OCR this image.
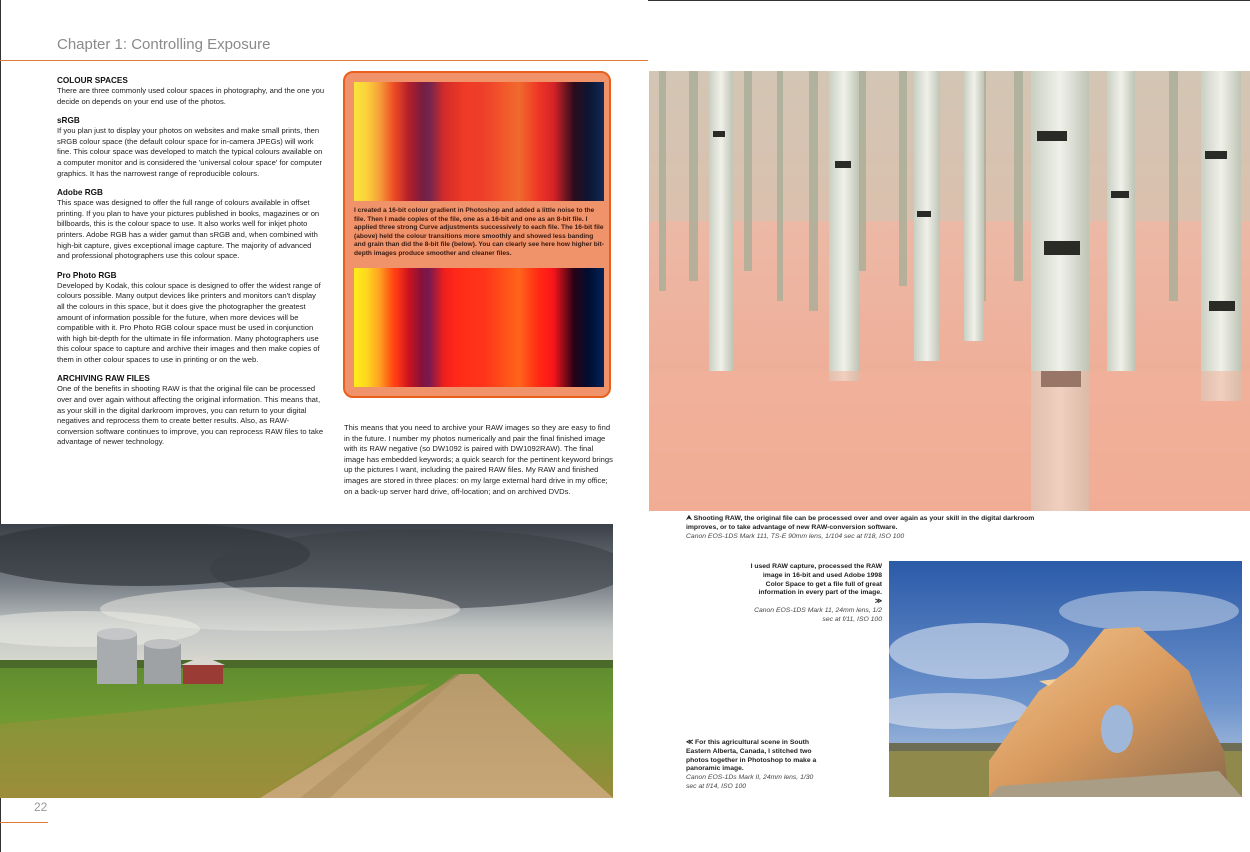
Chapter 1: Controlling Exposure
COLOUR SPACES

There are three commonly used colour spaces in photography, and the one you decide on depends on your end use of the photos.

sRGB

If you plan just to display your photos on websites and make small prints, then sRGB colour space (the default colour space for in-camera JPEGs) will work fine. This colour space was developed to match the typical colours available on a computer monitor and is considered the 'universal colour space' for computer graphics. It has the narrowest range of reproducible colours.

Adobe RGB

This space was designed to offer the full range of colours available in offset printing. If you plan to have your pictures published in books, magazines or on billboards, this is the colour space to use. It also works well for inkjet photo printers. Adobe RGB has a wider gamut than sRGB and, when combined with high-bit capture, gives exceptional image capture. The majority of advanced and professional photographers use this colour space.

Pro Photo RGB

Developed by Kodak, this colour space is designed to offer the widest range of colours possible. Many output devices like printers and monitors can't display all the colours in this space, but it does give the photographer the greatest amount of information possible for the future, when more devices will be compatible with it. Pro Photo RGB colour space must be used in conjunction with high bit-depth for the ultimate in file information. Many photographers use this colour space to capture and archive their images and then make copies of them in other colour spaces to use in printing or on the web.

ARCHIVING RAW FILES

One of the benefits in shooting RAW is that the original file can be processed over and over again without affecting the original information. This means that, as your skill in the digital darkroom improves, you can return to your digital negatives and reprocess them to create better results. Also, as RAW-conversion software continues to improve, you can reprocess RAW files to take advantage of newer technology.

This means that you need to archive your RAW images so they are easy to find in the future. I number my photos numerically and pair the final finished image with its RAW negative (so DW1092 is paired with DW1092RAW). The final image has embedded keywords; a quick search for the pertinent keyword brings up the pictures I want, including the paired RAW files. My RAW and finished images are stored in three places: on my large external hard drive in my office; on a back-up server hard drive, off-location; and on archived DVDs.

I created a 16-bit colour gradient in Photoshop and added a little noise to the file. Then I made copies of the file, one as a 16-bit and one as an 8-bit file. I applied three strong Curve adjustments successively to each file. The 16-bit file (above) held the colour transitions more smoothly and showed less banding and grain than did the 8-bit file (below). You can clearly see here how higher bit-depth images produce smoother and cleaner files.
⮝ Shooting RAW, the original file can be processed over and over again as your skill in the digital darkroom improves, or to take advantage of new RAW-conversion software.
Canon EOS-1DS Mark 111, TS-E 90mm lens, 1/104 sec at f/18, ISO 100
I used RAW capture, processed the RAW image in 16-bit and used Adobe 1998 Color Space to get a file full of great information in every part of the image. ≫
Canon EOS-1DS Mark 11, 24mm lens, 1/2 sec at f/11, ISO 100
≪ For this agricultural scene in South Eastern Alberta, Canada, I stitched two photos together in Photoshop to make a panoramic image.
Canon EOS-1Ds Mark II, 24mm lens, 1/30 sec at f/14, ISO 100
22
